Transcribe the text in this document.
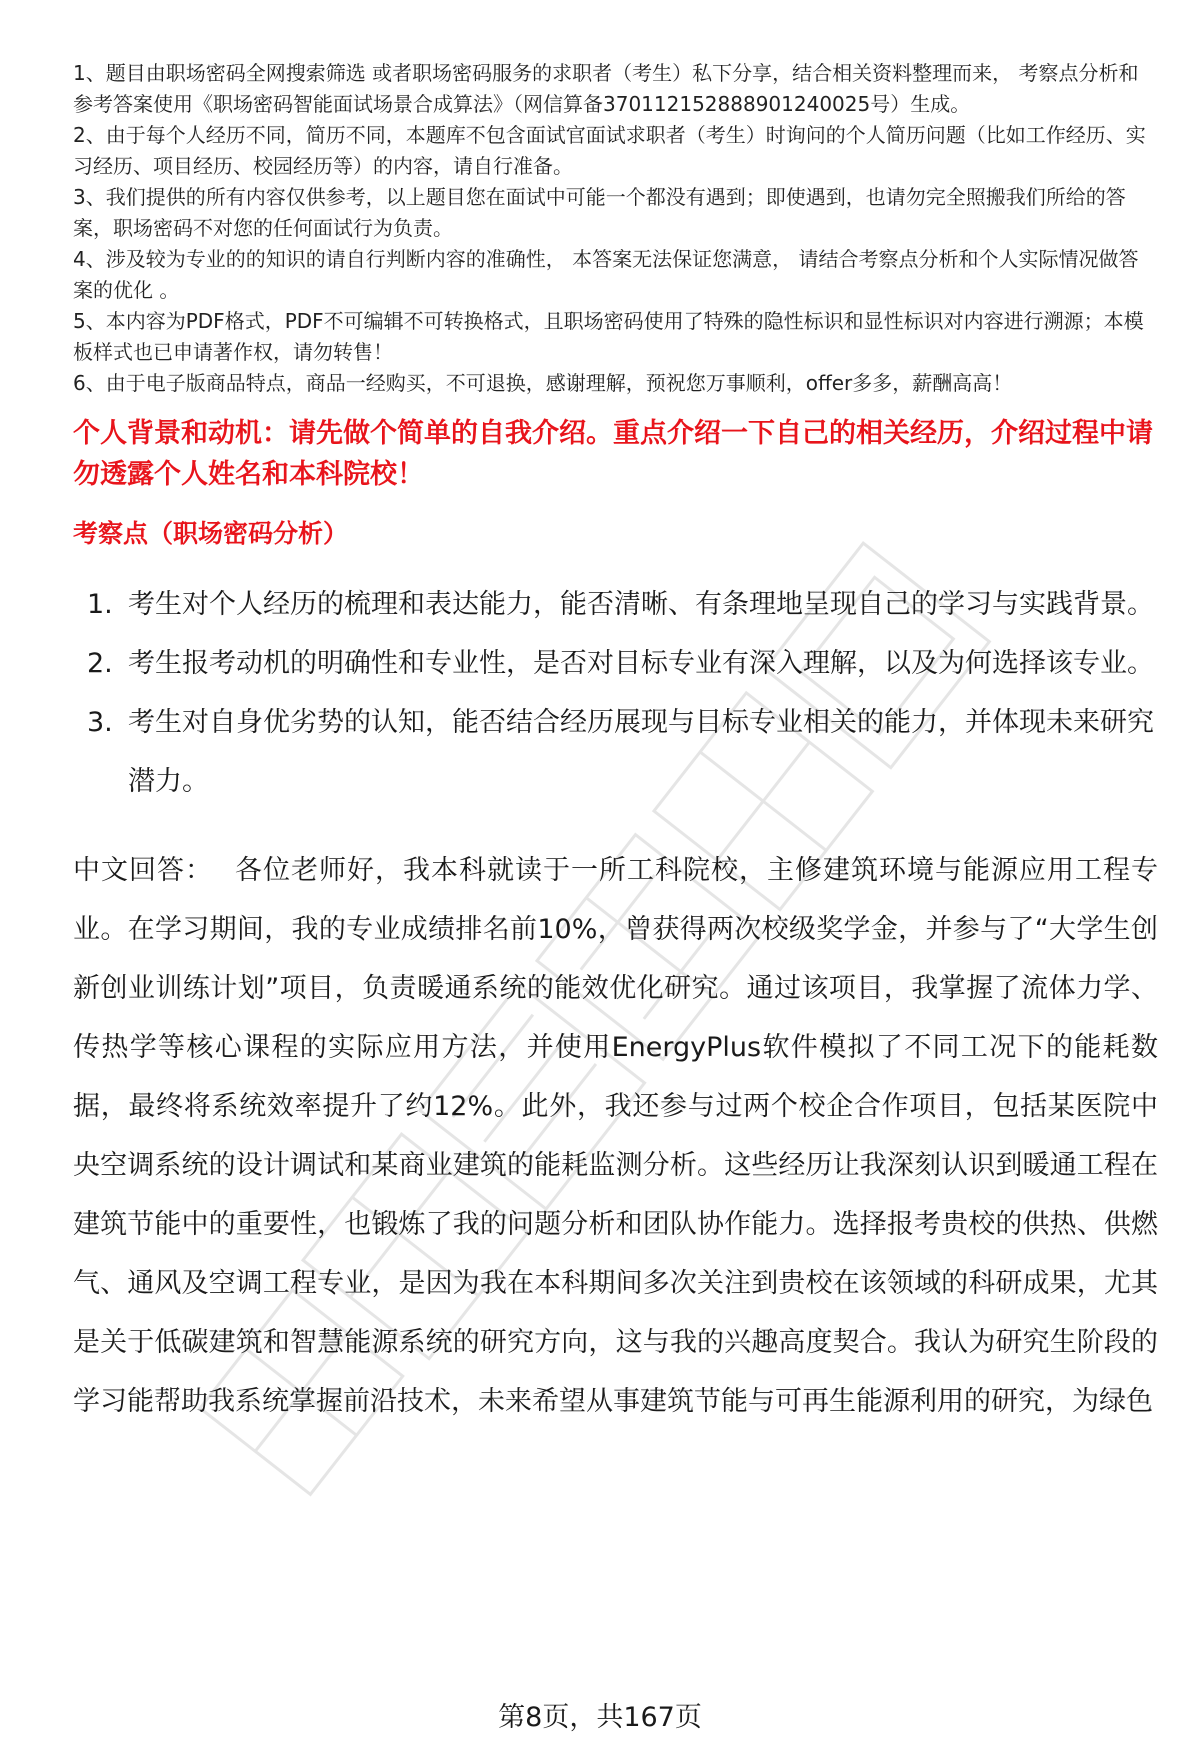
1、题目由职场密码全网搜索筛选 或者职场密码服务的求职者（考生）私下分享，结合相关资料整理而来， 考察点分析和参考答案使用《职场密码智能面试场景合成算法》（网信算备370112152888901240025号）生成。

2、由于每个人经历不同，简历不同，本题库不包含面试官面试求职者（考生）时询问的个人简历问题（比如工作经历、实习经历、项目经历、校园经历等）的内容，请自行准备。

3、我们提供的所有内容仅供参考，以上题目您在面试中可能一个都没有遇到；即使遇到，也请勿完全照搬我们所给的答案，职场密码不对您的任何面试行为负责。

4、涉及较为专业的的知识的请自行判断内容的准确性， 本答案无法保证您满意， 请结合考察点分析和个人实际情况做答案的优化 。

5、本内容为PDF格式，PDF不可编辑不可转换格式，且职场密码使用了特殊的隐性标识和显性标识对内容进行溯源；本模板样式也已申请著作权，请勿转售！

6、由于电子版商品特点，商品一经购买，不可退换，感谢理解，预祝您万事顺利，offer多多，薪酬高高！

个人背景和动机：请先做个简单的自我介绍。重点介绍一下自己的相关经历，介绍过程中请勿透露个人姓名和本科院校！
考察点（职场密码分析）
1. 考生对个人经历的梳理和表达能力，能否清晰、有条理地呈现自己的学习与实践背景。
2. 考生报考动机的明确性和专业性，是否对目标专业有深入理解，以及为何选择该专业。
3. 考生对自身优劣势的认知，能否结合经历展现与目标专业相关的能力，并体现未来研究潜力。
中文回答： 各位老师好，我本科就读于一所工科院校，主修建筑环境与能源应用工程专业。在学习期间，我的专业成绩排名前10%，曾获得两次校级奖学金，并参与了“大学生创新创业训练计划”项目，负责暖通系统的能效优化研究。通过该项目，我掌握了流体力学、传热学等核心课程的实际应用方法，并使用EnergyPlus软件模拟了不同工况下的能耗数据，最终将系统效率提升了约12%。此外，我还参与过两个校企合作项目，包括某医院中央空调系统的设计调试和某商业建筑的能耗监测分析。这些经历让我深刻认识到暖通工程在建筑节能中的重要性，也锻炼了我的问题分析和团队协作能力。选择报考贵校的供热、供燃气、通风及空调工程专业，是因为我在本科期间多次关注到贵校在该领域的科研成果，尤其是关于低碳建筑和智慧能源系统的研究方向，这与我的兴趣高度契合。我认为研究生阶段的学习能帮助我系统掌握前沿技术，未来希望从事建筑节能与可再生能源利用的研究，为绿色
第8页，共167页
